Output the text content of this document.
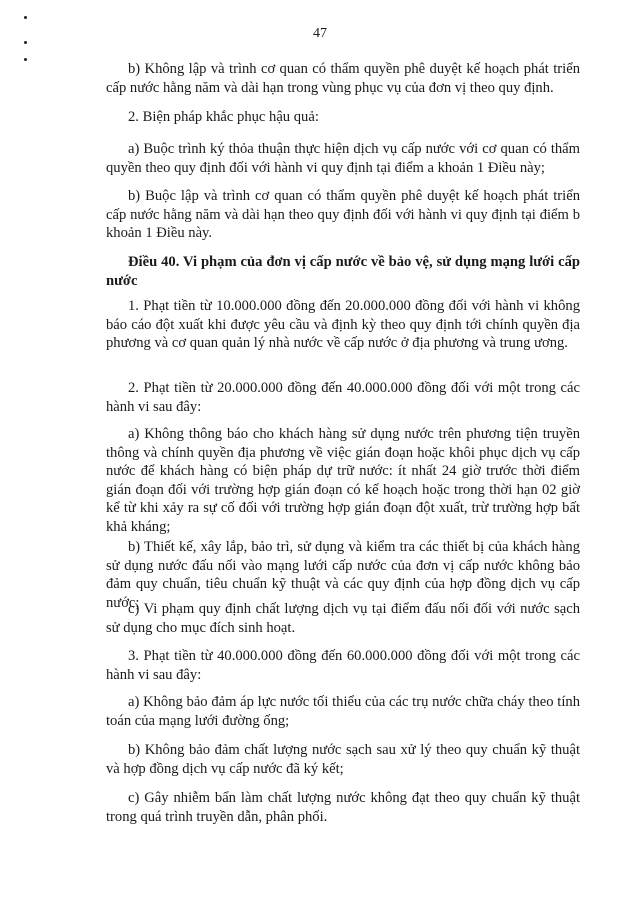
47

b) Không lập và trình cơ quan có thẩm quyền phê duyệt kế hoạch phát triển cấp nước hằng năm và dài hạn trong vùng phục vụ của đơn vị theo quy định.

2. Biện pháp khắc phục hậu quả:

a) Buộc trình ký thỏa thuận thực hiện dịch vụ cấp nước với cơ quan có thẩm quyền theo quy định đối với hành vi quy định tại điểm a khoản 1 Điều này;

b) Buộc lập và trình cơ quan có thẩm quyền phê duyệt kế hoạch phát triển cấp nước hằng năm và dài hạn theo quy định đối với hành vi quy định tại điểm b khoản 1 Điều này.

Điều 40. Vi phạm của đơn vị cấp nước về bảo vệ, sử dụng mạng lưới cấp nước

1. Phạt tiền từ 10.000.000 đồng đến 20.000.000 đồng đối với hành vi không báo cáo đột xuất khi được yêu cầu và định kỳ theo quy định tới chính quyền địa phương và cơ quan quản lý nhà nước về cấp nước ở địa phương và trung ương.

2. Phạt tiền từ 20.000.000 đồng đến 40.000.000 đồng đối với một trong các hành vi sau đây:

a) Không thông báo cho khách hàng sử dụng nước trên phương tiện truyền thông và chính quyền địa phương về việc gián đoạn hoặc khôi phục dịch vụ cấp nước để khách hàng có biện pháp dự trữ nước: ít nhất 24 giờ trước thời điểm gián đoạn đối với trường hợp gián đoạn có kế hoạch hoặc trong thời hạn 02 giờ kể từ khi xảy ra sự cố đối với trường hợp gián đoạn đột xuất, trừ trường hợp bất khả kháng;

b) Thiết kế, xây lắp, bảo trì, sử dụng và kiểm tra các thiết bị của khách hàng sử dụng nước đấu nối vào mạng lưới cấp nước của đơn vị cấp nước không bảo đảm quy chuẩn, tiêu chuẩn kỹ thuật và các quy định của hợp đồng dịch vụ cấp nước;

c) Vi phạm quy định chất lượng dịch vụ tại điểm đấu nối đối với nước sạch sử dụng cho mục đích sinh hoạt.

3. Phạt tiền từ 40.000.000 đồng đến 60.000.000 đồng đối với một trong các hành vi sau đây:

a) Không bảo đảm áp lực nước tối thiểu của các trụ nước chữa cháy theo tính toán của mạng lưới đường ống;

b) Không bảo đảm chất lượng nước sạch sau xử lý theo quy chuẩn kỹ thuật và hợp đồng dịch vụ cấp nước đã ký kết;

c) Gây nhiễm bẩn làm chất lượng nước không đạt theo quy chuẩn kỹ thuật trong quá trình truyền dẫn, phân phối.
